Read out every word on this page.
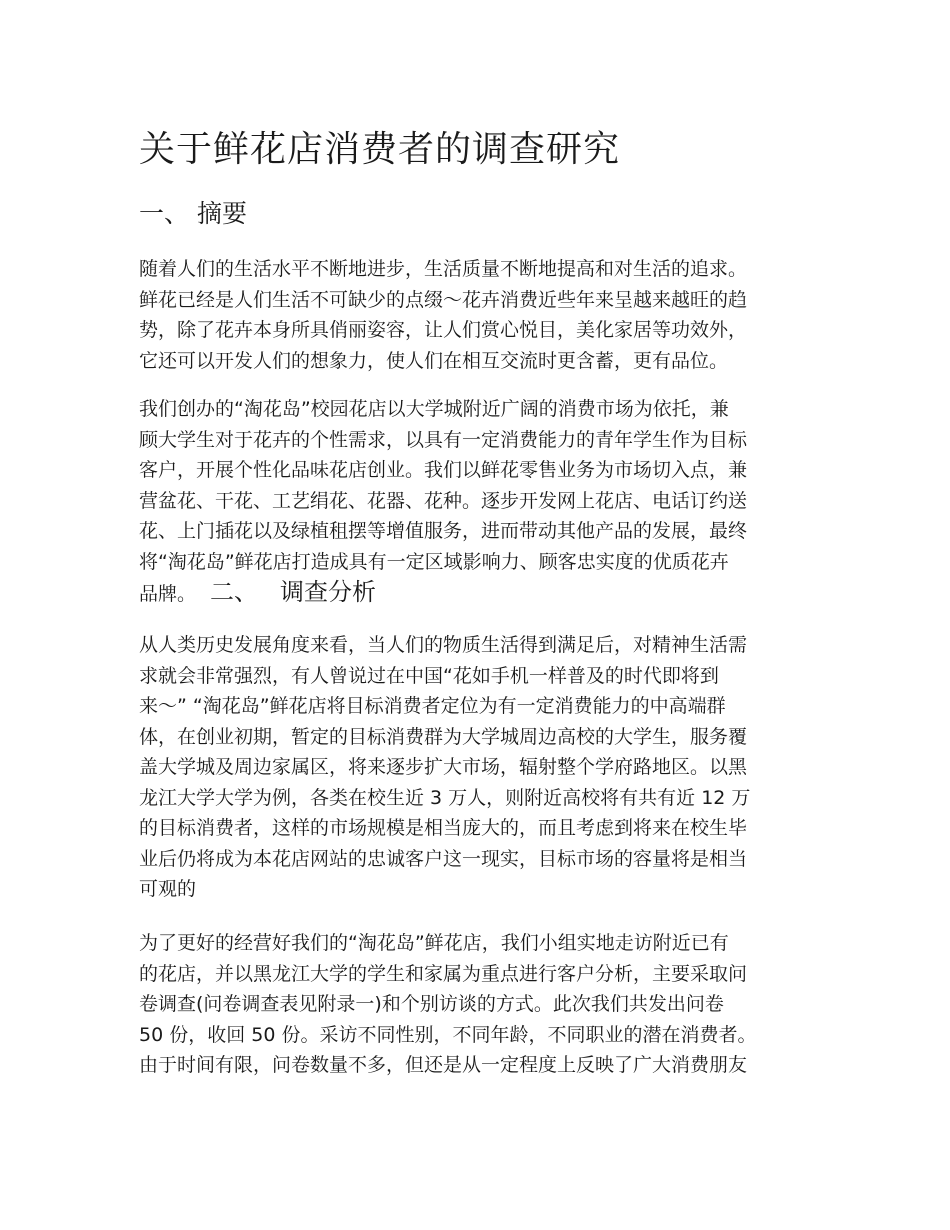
关于鲜花店消费者的调查研究
一、 摘要

随着人们的生活水平不断地进步，生活质量不断地提高和对生活的追求。
鲜花已经是人们生活不可缺少的点缀～花卉消费近些年来呈越来越旺的趋
势，除了花卉本身所具俏丽姿容，让人们赏心悦目，美化家居等功效外，
它还可以开发人们的想象力，使人们在相互交流时更含蓄，更有品位。

我们创办的“淘花岛”校园花店以大学城附近广阔的消费市场为依托，兼
顾大学生对于花卉的个性需求，以具有一定消费能力的青年学生作为目标
客户，开展个性化品味花店创业。我们以鲜花零售业务为市场切入点，兼
营盆花、干花、工艺绢花、花器、花种。逐步开发网上花店、电话订约送
花、上门插花以及绿植租摆等增值服务，进而带动其他产品的发展，最终
将“淘花岛”鲜花店打造成具有一定区域影响力、顾客忠实度的优质花卉
品牌。 二、 调查分析

从人类历史发展角度来看，当人们的物质生活得到满足后，对精神生活需
求就会非常强烈，有人曾说过在中国“花如手机一样普及的时代即将到
来～” “淘花岛”鲜花店将目标消费者定位为有一定消费能力的中高端群
体，在创业初期，暂定的目标消费群为大学城周边高校的大学生，服务覆
盖大学城及周边家属区，将来逐步扩大市场，辐射整个学府路地区。以黑
龙江大学大学为例，各类在校生近 3 万人，则附近高校将有共有近 12 万
的目标消费者，这样的市场规模是相当庞大的，而且考虑到将来在校生毕
业后仍将成为本花店网站的忠诚客户这一现实，目标市场的容量将是相当
可观的

为了更好的经营好我们的“淘花岛”鲜花店，我们小组实地走访附近已有
的花店，并以黑龙江大学的学生和家属为重点进行客户分析，主要采取问
卷调查(问卷调查表见附录一)和个别访谈的方式。此次我们共发出问卷
50 份，收回 50 份。采访不同性别，不同年龄，不同职业的潜在消费者。
由于时间有限，问卷数量不多，但还是从一定程度上反映了广大消费朋友
